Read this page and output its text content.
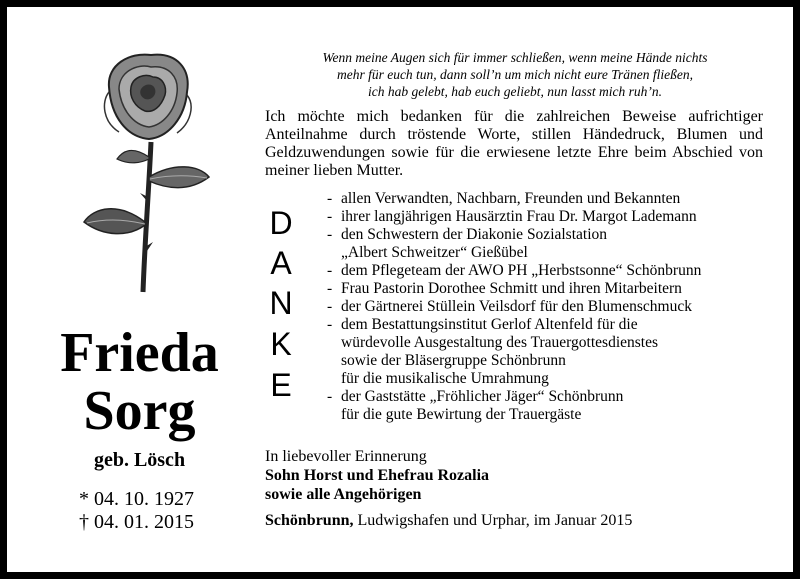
Frieda
Sorg
geb. Lösch
* 04. 10. 1927
† 04. 01. 2015
Wenn meine Augen sich für immer schließen, wenn meine Hände nichts
mehr für euch tun, dann soll’n um mich nicht eure Tränen fließen,
ich hab gelebt, hab euch geliebt, nun lasst mich ruh’n.
Ich möchte mich bedanken für die zahlreichen Beweise aufrichtiger Anteilnahme durch tröstende Worte, stillen Händedruck, Blumen und Geldzuwendungen sowie für die erwiesene letzte Ehre beim Abschied von meiner lieben Mutter.
D
A
N
K
E
- allen Verwandten, Nachbarn, Freunden und Bekannten
- ihrer langjährigen Hausärztin Frau Dr. Margot Lademann
- den Schwestern der Diakonie Sozialstation
„Albert Schweitzer“ Gießübel
- dem Pflegeteam der AWO PH „Herbstsonne“ Schönbrunn
- Frau Pastorin Dorothee Schmitt und ihren Mitarbeitern
- der Gärtnerei Stüllein Veilsdorf für den Blumenschmuck
- dem Bestattungsinstitut Gerlof Altenfeld für die
würdevolle Ausgestaltung des Trauergottesdienstes
sowie der Bläsergruppe Schönbrunn
für die musikalische Umrahmung
- der Gaststätte „Fröhlicher Jäger“ Schönbrunn
für die gute Bewirtung der Trauergäste
In liebevoller Erinnerung
Sohn Horst und Ehefrau Rozalia
sowie alle Angehörigen
Schönbrunn, Ludwigshafen und Urphar, im Januar 2015
